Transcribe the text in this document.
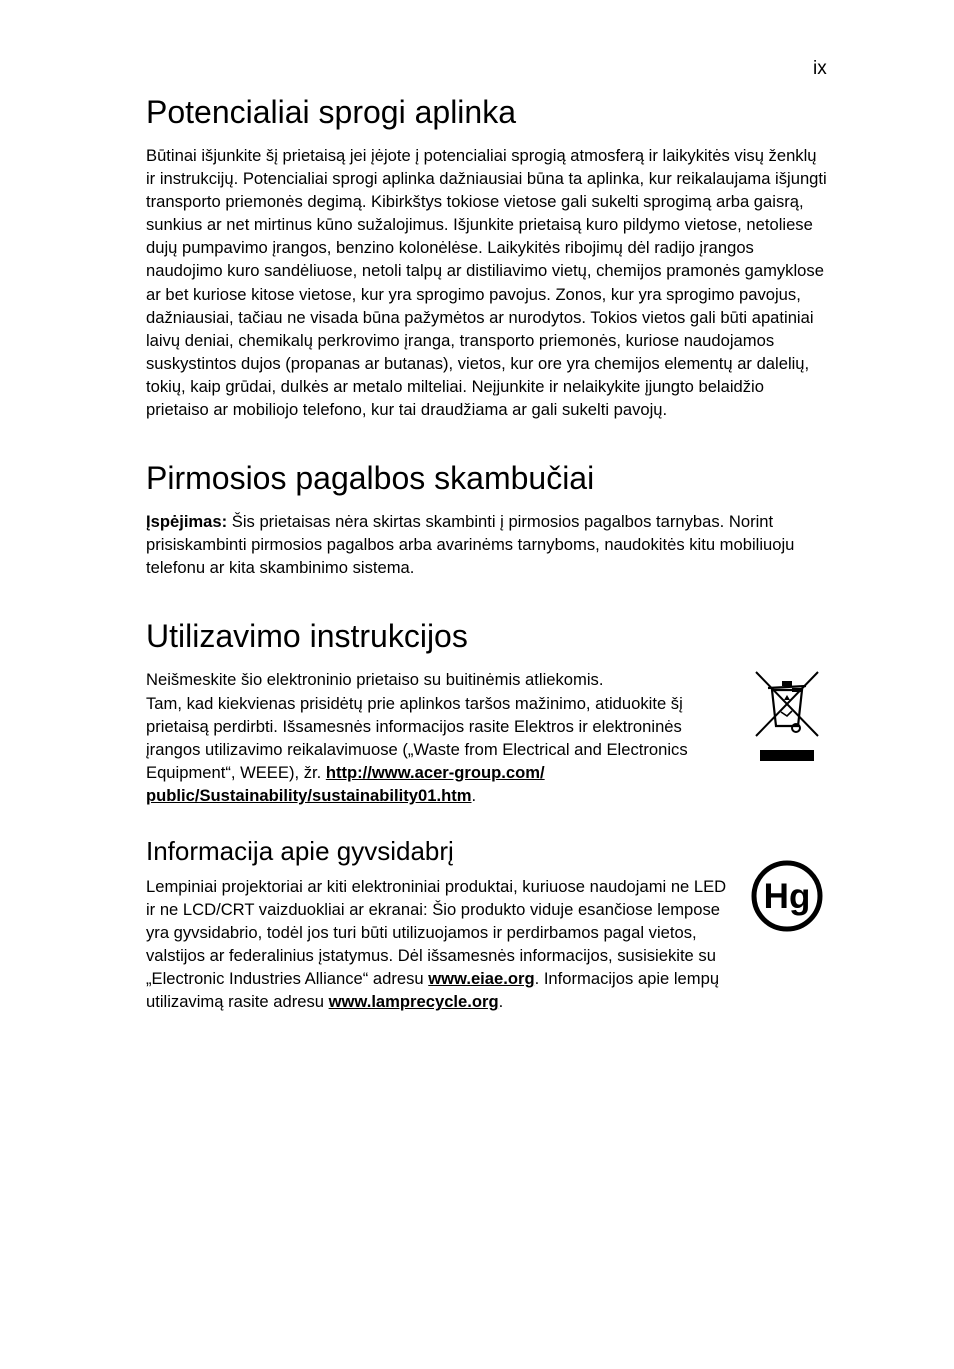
ix
Potencialiai sprogi aplinka

Būtinai išjunkite šį prietaisą jei įėjote į potencialiai sprogią atmosferą ir laikykitės visų ženklų ir instrukcijų. Potencialiai sprogi aplinka dažniausiai būna ta aplinka, kur reikalaujama išjungti transporto priemonės degimą. Kibirkštys tokiose vietose gali sukelti sprogimą arba gaisrą, sunkius ar net mirtinus kūno sužalojimus. Išjunkite prietaisą kuro pildymo vietose, netoliese dujų pumpavimo įrangos, benzino kolonėlėse. Laikykitės ribojimų dėl radijo įrangos naudojimo kuro sandėliuose, netoli talpų ar distiliavimo vietų, chemijos pramonės gamyklose ar bet kuriose kitose vietose, kur yra sprogimo pavojus. Zonos, kur yra sprogimo pavojus, dažniausiai, tačiau ne visada būna pažymėtos ar nurodytos. Tokios vietos gali būti apatiniai laivų deniai, chemikalų perkrovimo įranga, transporto priemonės, kuriose naudojamos suskystintos dujos (propanas ar butanas), vietos, kur ore yra chemijos elementų ar dalelių, tokių, kaip grūdai, dulkės ar metalo milteliai. Neįjunkite ir nelaikykite įjungto belaidžio prietaiso ar mobiliojo telefono, kur tai draudžiama ar gali sukelti pavojų.

Pirmosios pagalbos skambučiai

Įspėjimas: Šis prietaisas nėra skirtas skambinti į pirmosios pagalbos tarnybas. Norint prisiskambinti pirmosios pagalbos arba avarinėms tarnyboms, naudokitės kitu mobiliuoju telefonu ar kita skambinimo sistema.

Utilizavimo instrukcijos

Neišmeskite šio elektroninio prietaiso su buitinėmis atliekomis.

Tam, kad kiekvienas prisidėtų prie aplinkos taršos mažinimo, atiduokite šį prietaisą perdirbti. Išsamesnės informacijos rasite Elektros ir elektroninės įrangos utilizavimo reikalavimuose („Waste from Electrical and Electronics Equipment“, WEEE), žr. http://www.acer-group.com/ public/Sustainability/sustainability01.htm.

Informacija apie gyvsidabrį

Lempiniai projektoriai ar kiti elektroniniai produktai, kuriuose naudojami ne LED ir ne LCD/CRT vaizduokliai ar ekranai: Šio produkto viduje esančiose lempose yra gyvsidabrio, todėl jos turi būti utilizuojamos ir perdirbamos pagal vietos, valstijos ar federalinius įstatymus. Dėl išsamesnės informacijos, susisiekite su „Electronic Industries Alliance“ adresu www.eiae.org. Informacijos apie lempų utilizavimą rasite adresu www.lamprecycle.org.

Hg
